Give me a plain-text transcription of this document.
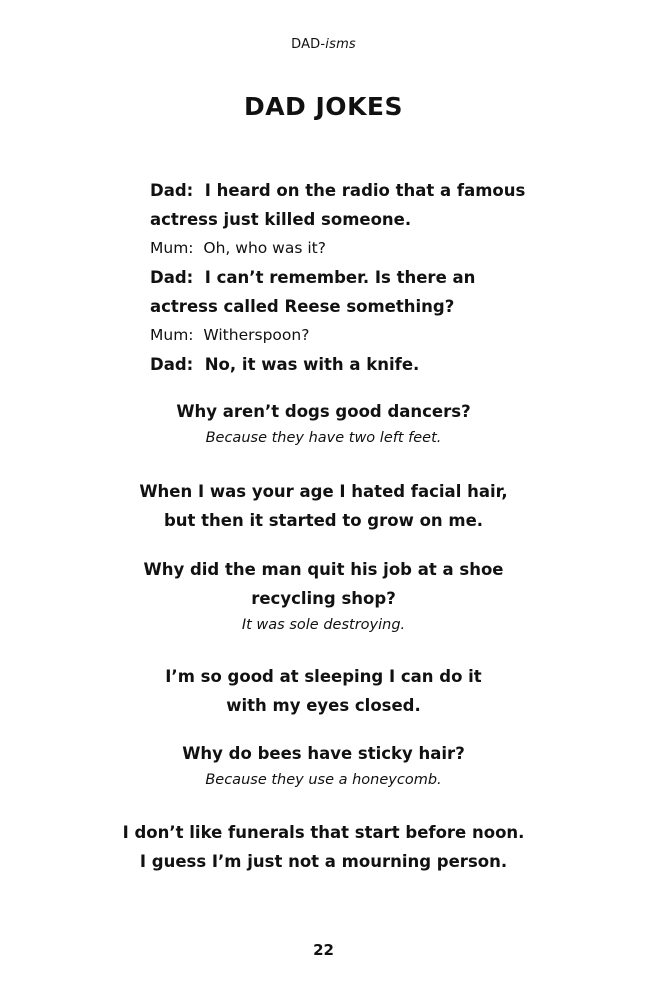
DAD-isms
DAD JOKES
Dad: I heard on the radio that a famous
actress just killed someone.
Mum: Oh, who was it?
Dad: I can’t remember. Is there an
actress called Reese something?
Mum: Witherspoon?
Dad: No, it was with a knife.
Why aren’t dogs good dancers?
Because they have two left feet.
When I was your age I hated facial hair,
but then it started to grow on me.
Why did the man quit his job at a shoe
recycling shop?
It was sole destroying.
I’m so good at sleeping I can do it
with my eyes closed.
Why do bees have sticky hair?
Because they use a honeycomb.
I don’t like funerals that start before noon.
I guess I’m just not a mourning person.
22
